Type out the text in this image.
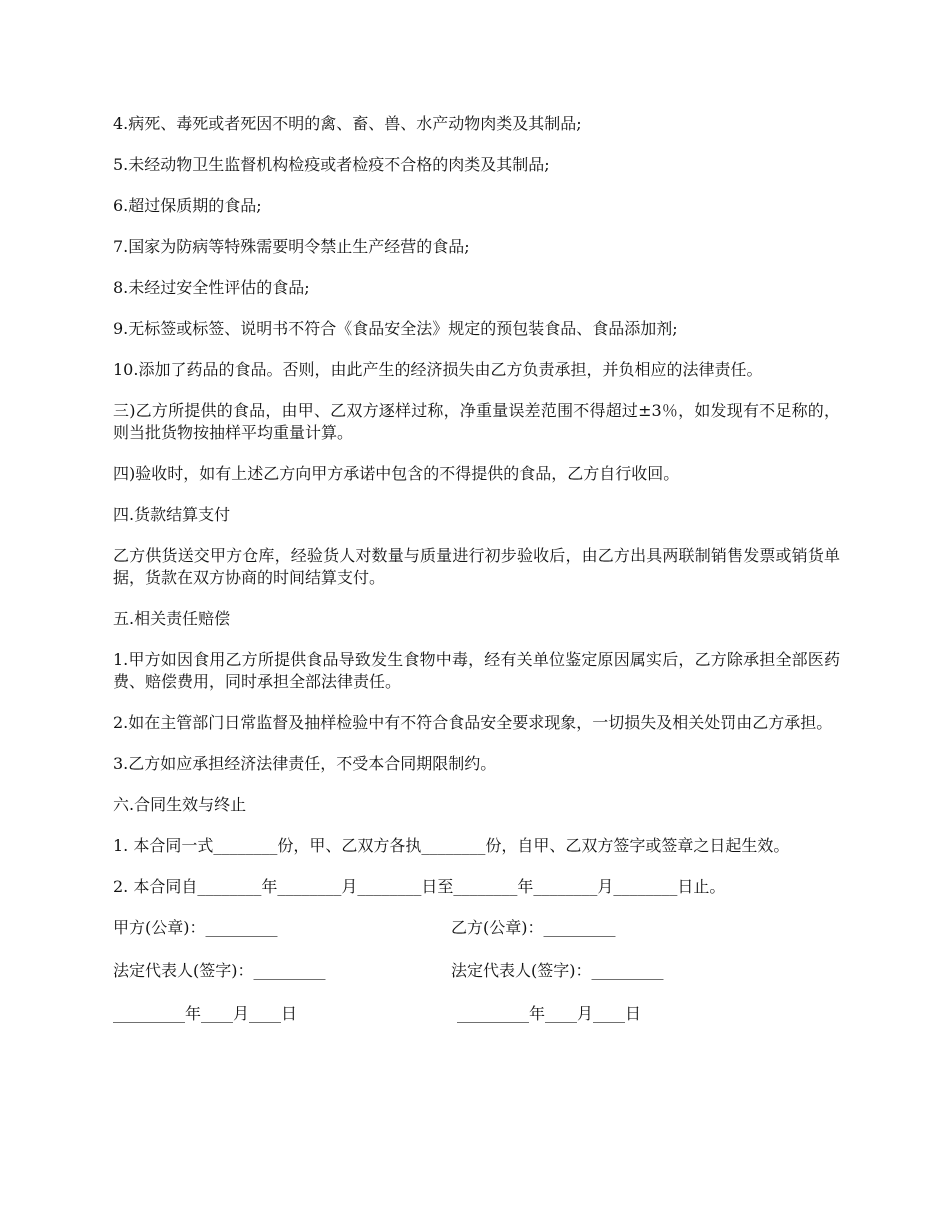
4.病死、毒死或者死因不明的禽、畜、兽、水产动物肉类及其制品;

5.未经动物卫生监督机构检疫或者检疫不合格的肉类及其制品;

6.超过保质期的食品;

7.国家为防病等特殊需要明令禁止生产经营的食品;

8.未经过安全性评估的食品;

9.无标签或标签、说明书不符合《食品安全法》规定的预包装食品、食品添加剂;

10.添加了药品的食品。否则，由此产生的经济损失由乙方负责承担，并负相应的法律责任。

三)乙方所提供的食品，由甲、乙双方逐样过称，净重量误差范围不得超过±3％，如发现有不足称的，则当批货物按抽样平均重量计算。

四)验收时，如有上述乙方向甲方承诺中包含的不得提供的食品，乙方自行收回。

四.货款结算支付

乙方供货送交甲方仓库，经验货人对数量与质量进行初步验收后，由乙方出具两联制销售发票或销货单据，货款在双方协商的时间结算支付。

五.相关责任赔偿

1.甲方如因食用乙方所提供食品导致发生食物中毒，经有关单位鉴定原因属实后，乙方除承担全部医药费、赔偿费用，同时承担全部法律责任。

2.如在主管部门日常监督及抽样检验中有不符合食品安全要求现象，一切损失及相关处罚由乙方承担。

3.乙方如应承担经济法律责任，不受本合同期限制约。

六.合同生效与终止

1. 本合同一式________份，甲、乙双方各执________份，自甲、乙双方签字或签章之日起生效。

2. 本合同自________年________月________日至________年________月________日止。

甲方(公章)：_________	乙方(公章)：_________
法定代表人(签字)：_________	法定代表人(签字)：_________
_________年____月____日	_________年____月____日
